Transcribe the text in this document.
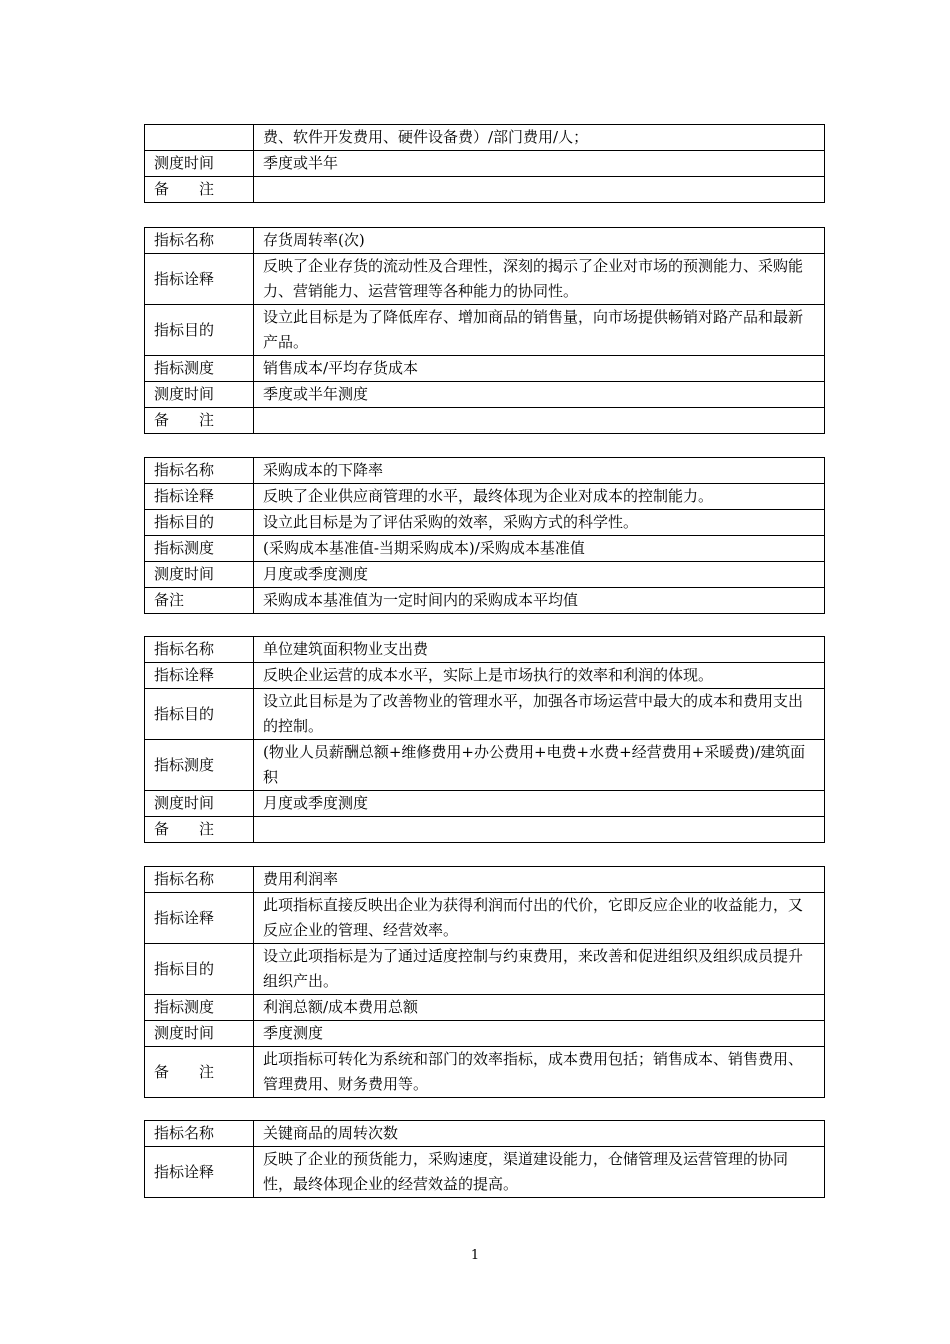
	费、软件开发费用、硬件设备费）/部门费用/人；
测度时间	季度或半年
备　　注	
指标名称	存货周转率(次)
指标诠释	反映了企业存货的流动性及合理性，深刻的揭示了企业对市场的预测能力、采购能力、营销能力、运营管理等各种能力的协同性。
指标目的	设立此目标是为了降低库存、增加商品的销售量，向市场提供畅销对路产品和最新产品。
指标测度	销售成本/平均存货成本
测度时间	季度或半年测度
备　　注	
指标名称	采购成本的下降率
指标诠释	反映了企业供应商管理的水平，最终体现为企业对成本的控制能力。
指标目的	设立此目标是为了评估采购的效率，采购方式的科学性。
指标测度	(采购成本基准值-当期采购成本)/采购成本基准值
测度时间	月度或季度测度
备注	采购成本基准值为一定时间内的采购成本平均值
指标名称	单位建筑面积物业支出费
指标诠释	反映企业运营的成本水平，实际上是市场执行的效率和利润的体现。
指标目的	设立此目标是为了改善物业的管理水平，加强各市场运营中最大的成本和费用支出的控制。
指标测度	(物业人员薪酬总额+维修费用+办公费用+电费+水费+经营费用+采暖费)/建筑面积
测度时间	月度或季度测度
备　　注	
指标名称	费用利润率
指标诠释	此项指标直接反映出企业为获得利润而付出的代价，它即反应企业的收益能力，又反应企业的管理、经营效率。
指标目的	设立此项指标是为了通过适度控制与约束费用，来改善和促进组织及组织成员提升组织产出。
指标测度	利润总额/成本费用总额
测度时间	季度测度
备　　注	此项指标可转化为系统和部门的效率指标，成本费用包括；销售成本、销售费用、管理费用、财务费用等。
指标名称	关键商品的周转次数
指标诠释	反映了企业的预货能力，采购速度，渠道建设能力，仓储管理及运营管理的协同性，最终体现企业的经营效益的提高。
1
